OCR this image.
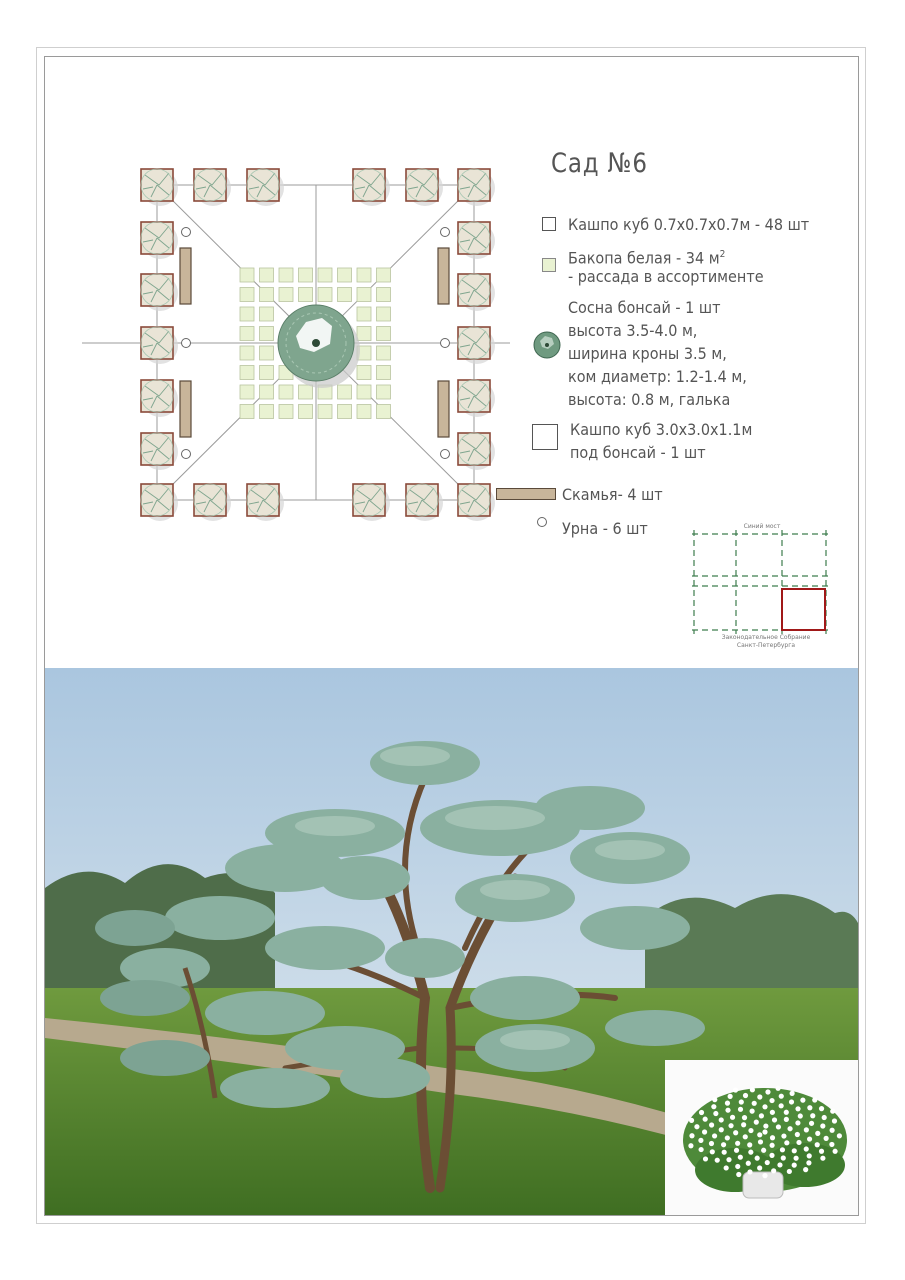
Сад №6
Кашпо куб 0.7х0.7х0.7м - 48 шт
Бакопа белая - 34 $м^2$
- рассада в ассортименте
Сосна бонсай - 1 шт
высота 3.5-4.0 м,
ширина кроны 3.5 м,
ком диаметр: 1.2-1.4 м,
высота: 0.8 м, галька
Кашпо куб 3.0х3.0х1.1м
под бонсай - 1 шт
Скамья- 4 шт
Урна - 6 шт	Синий мост
Законодательное Собрание
Санкт-Петербурга
